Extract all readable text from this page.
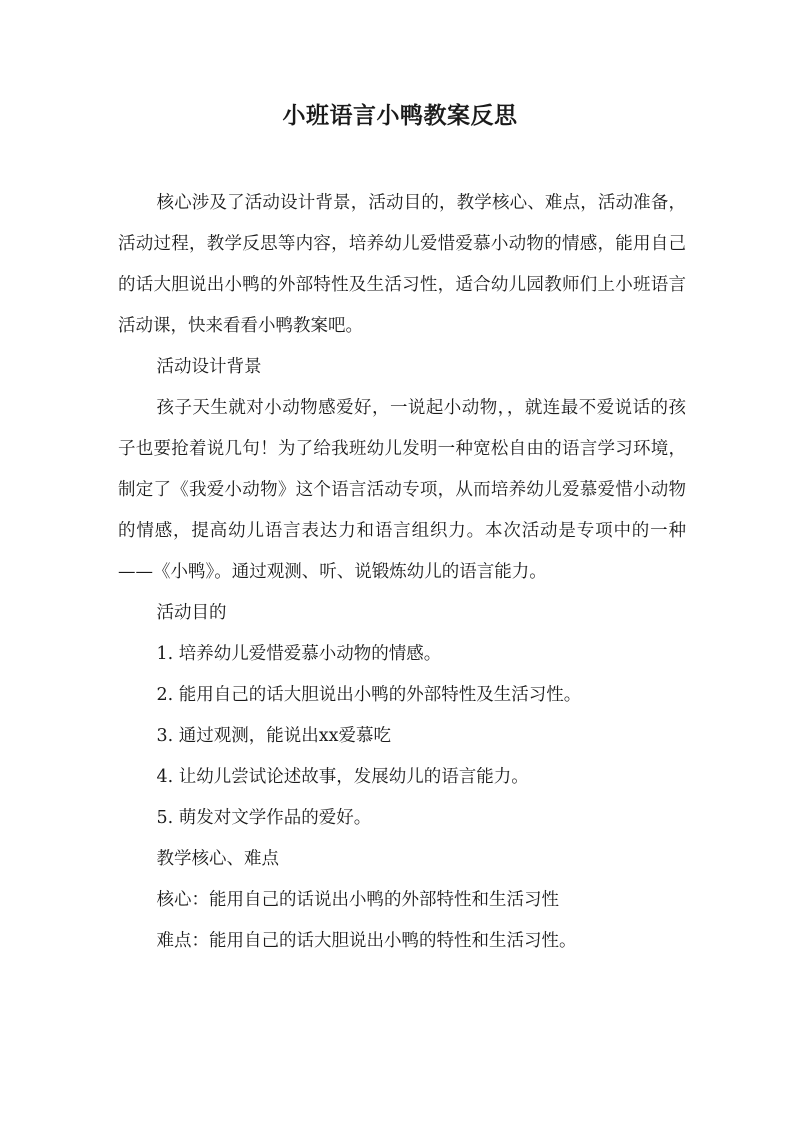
小班语言小鸭教案反思

核心涉及了活动设计背景，活动目的，教学核心、难点，活动准备，活动过程，教学反思等内容，培养幼儿爱惜爱慕小动物的情感，能用自己的话大胆说出小鸭的外部特性及生活习性，适合幼儿园教师们上小班语言活动课，快来看看小鸭教案吧。

活动设计背景

孩子天生就对小动物感爱好，一说起小动物，，就连最不爱说话的孩子也要抢着说几句！为了给我班幼儿发明一种宽松自由的语言学习环境，制定了《我爱小动物》这个语言活动专项，从而培养幼儿爱慕爱惜小动物的情感，提高幼儿语言表达力和语言组织力。本次活动是专项中的一种——《小鸭》。通过观测、听、说锻炼幼儿的语言能力。

活动目的

1. 培养幼儿爱惜爱慕小动物的情感。

2. 能用自己的话大胆说出小鸭的外部特性及生活习性。

3. 通过观测，能说出xx爱慕吃

4. 让幼儿尝试论述故事，发展幼儿的语言能力。

5. 萌发对文学作品的爱好。

教学核心、难点

核心：能用自己的话说出小鸭的外部特性和生活习性

难点：能用自己的话大胆说出小鸭的特性和生活习性。
